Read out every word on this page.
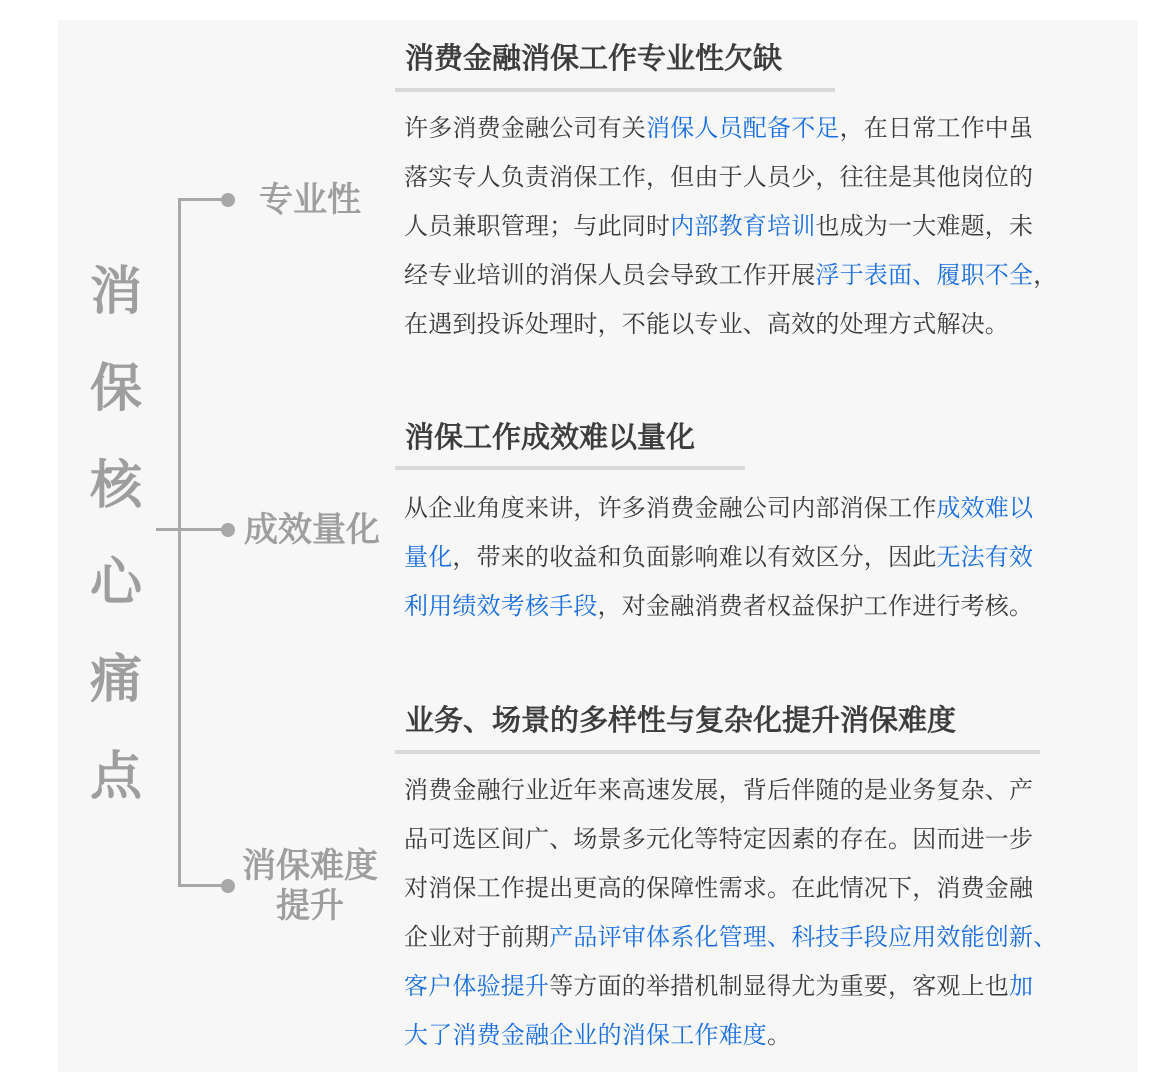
消
保
核
心
痛
点
专业性
成效量化
消保难度
提升
消费金融消保工作专业性欠缺
许多消费金融公司有关消保人员配备不足，在日常工作中虽
落实专人负责消保工作，但由于人员少，往往是其他岗位的
人员兼职管理；与此同时内部教育培训也成为一大难题，未
经专业培训的消保人员会导致工作开展浮于表面、履职不全，
在遇到投诉处理时，不能以专业、高效的处理方式解决。
消保工作成效难以量化
从企业角度来讲，许多消费金融公司内部消保工作成效难以
量化，带来的收益和负面影响难以有效区分，因此无法有效
利用绩效考核手段，对金融消费者权益保护工作进行考核。
业务、场景的多样性与复杂化提升消保难度
消费金融行业近年来高速发展，背后伴随的是业务复杂、产
品可选区间广、场景多元化等特定因素的存在。因而进一步
对消保工作提出更高的保障性需求。在此情况下，消费金融
企业对于前期产品评审体系化管理、科技手段应用效能创新、
客户体验提升等方面的举措机制显得尤为重要，客观上也加
大了消费金融企业的消保工作难度。
